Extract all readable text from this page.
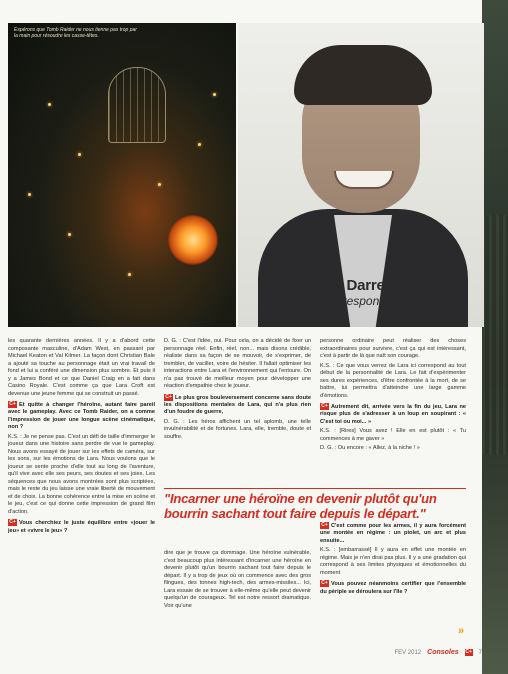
Espérons que Tomb Raider ne nous tienne pas trop par la main pour résoudre les casse-têtes.
Darrel Gallagher
responsable du studio

les quarante dernières années. Il y a d'abord cette composante masculine, d'Adam West, en passant par Michael Keaton et Val Kilmer. La façon dont Christian Bale a ajouté sa touche au personnage était un vrai travail de fond et lui a conféré une dimension plus sombre. Et puis il y a James Bond et ce que Daniel Craig en a fait dans Casino Royale. C'est comme ça que Lara Croft est devenue une jeune femme qui se construit un passé.

C+ Et quitte à changer l'héroïne, autant faire pareil avec le gameplay. Avec ce Tomb Raider, on a comme l'impression de jouer une longue scène cinématique, non ?

K.S. : Je ne pense pas. C'est un défi de taille d'immerger le joueur dans une histoire sans perdre de vue le gameplay. Nous avons essayé de jouer sur les effets de caméra, sur les sons, sur les émotions de Lara. Nous voulons que le joueur se sente proche d'elle tout au long de l'aventure, qu'il vive avec elle ses peurs, ses doutes et ses joies. Les séquences que nous avons montrées sont plus scriptées, mais le reste du jeu laisse une vraie liberté de mouvement et de choix. La bonne cohérence entre la mise en scène et le jeu, c'est ce qui donne cette impression de grand film d'action.

C+ Vous cherchiez le juste équilibre entre «jouer le jeu» et «vivre le jeu» ?

D. G. : C'est l'idée, oui. Pour cela, on a décidé de fixer un personnage réel. Enfin, réel, non... mais disons crédible, réaliste dans sa façon de se mouvoir, de s'exprimer, de trembler, de vaciller, voire de hésiter. Il fallait optimiser les interactions entre Lara et l'environnement qui l'entoure. On n'a pas trouvé de meilleur moyen pour développer une réaction d'empathie chez le joueur.

C+ Le plus gros bouleversement concerne sans doute les dispositions mentales de Lara, qui n'a plus rien d'un foudre de guerre,

D. G. : Les héros affichent un tel aplomb, une telle invulnérabilité et de fortunes. Lara, elle, tremble, doute et souffre.

dire que je trouve ça dommage. Une héroïne vulnérable, c'est beaucoup plus intéressant d'incarner une héroïne en devenir plutôt qu'un bourrin sachant tout faire depuis le départ. Il y a trop de jeux où on commence avec des gros flingues, des tonnes high-tech, des armes-missiles... Ici, Lara essaie de se trouver à elle-même qu'elle peut devenir quelqu'un de courageux. Tel est notre ressort dramatique. Voir qu'une

"Incarner une héroïne en devenir plutôt qu'un bourrin sachant tout faire depuis le départ."

personne ordinaire peut réaliser des choses extraordinaires pour survivre, c'est ça qui est intéressant, c'est à partir de là que naît son courage.

K.S. : Ce que vous verrez de Lara ici correspond au tout début de la personnalité de Lara. Le fait d'expérimenter ses dures expériences, d'être confrontée à la mort, de se battre, lui permettra d'atteindre une large gamme d'émotions.

C+ Autrement dit, arrivée vers la fin du jeu, Lara ne risque plus de s'adresser à un loup en soupirant : « C'est toi ou moi... »

K.S. : [Rires] Vous avez ! Elle en est plutôt : « Tu commences à me gaver »

D. G. : Ou encore : « Allez, à la niche ! »

C+ C'est comme pour les armes, il y aura forcément une montée en régime : un piolet, un arc et plus ensuite...

K.S. : [embarrassé] Il y aura en effet une montée en régime. Mais je n'en dirai pas plus. Il y a une gradation qui correspond à ses limites physiques et émotionnelles du moment

C+ Vous pouvez néanmoins certifier que l'ensemble du périple se déroulera sur l'île ?

»
FEV 2012 Consoles C+ 7
